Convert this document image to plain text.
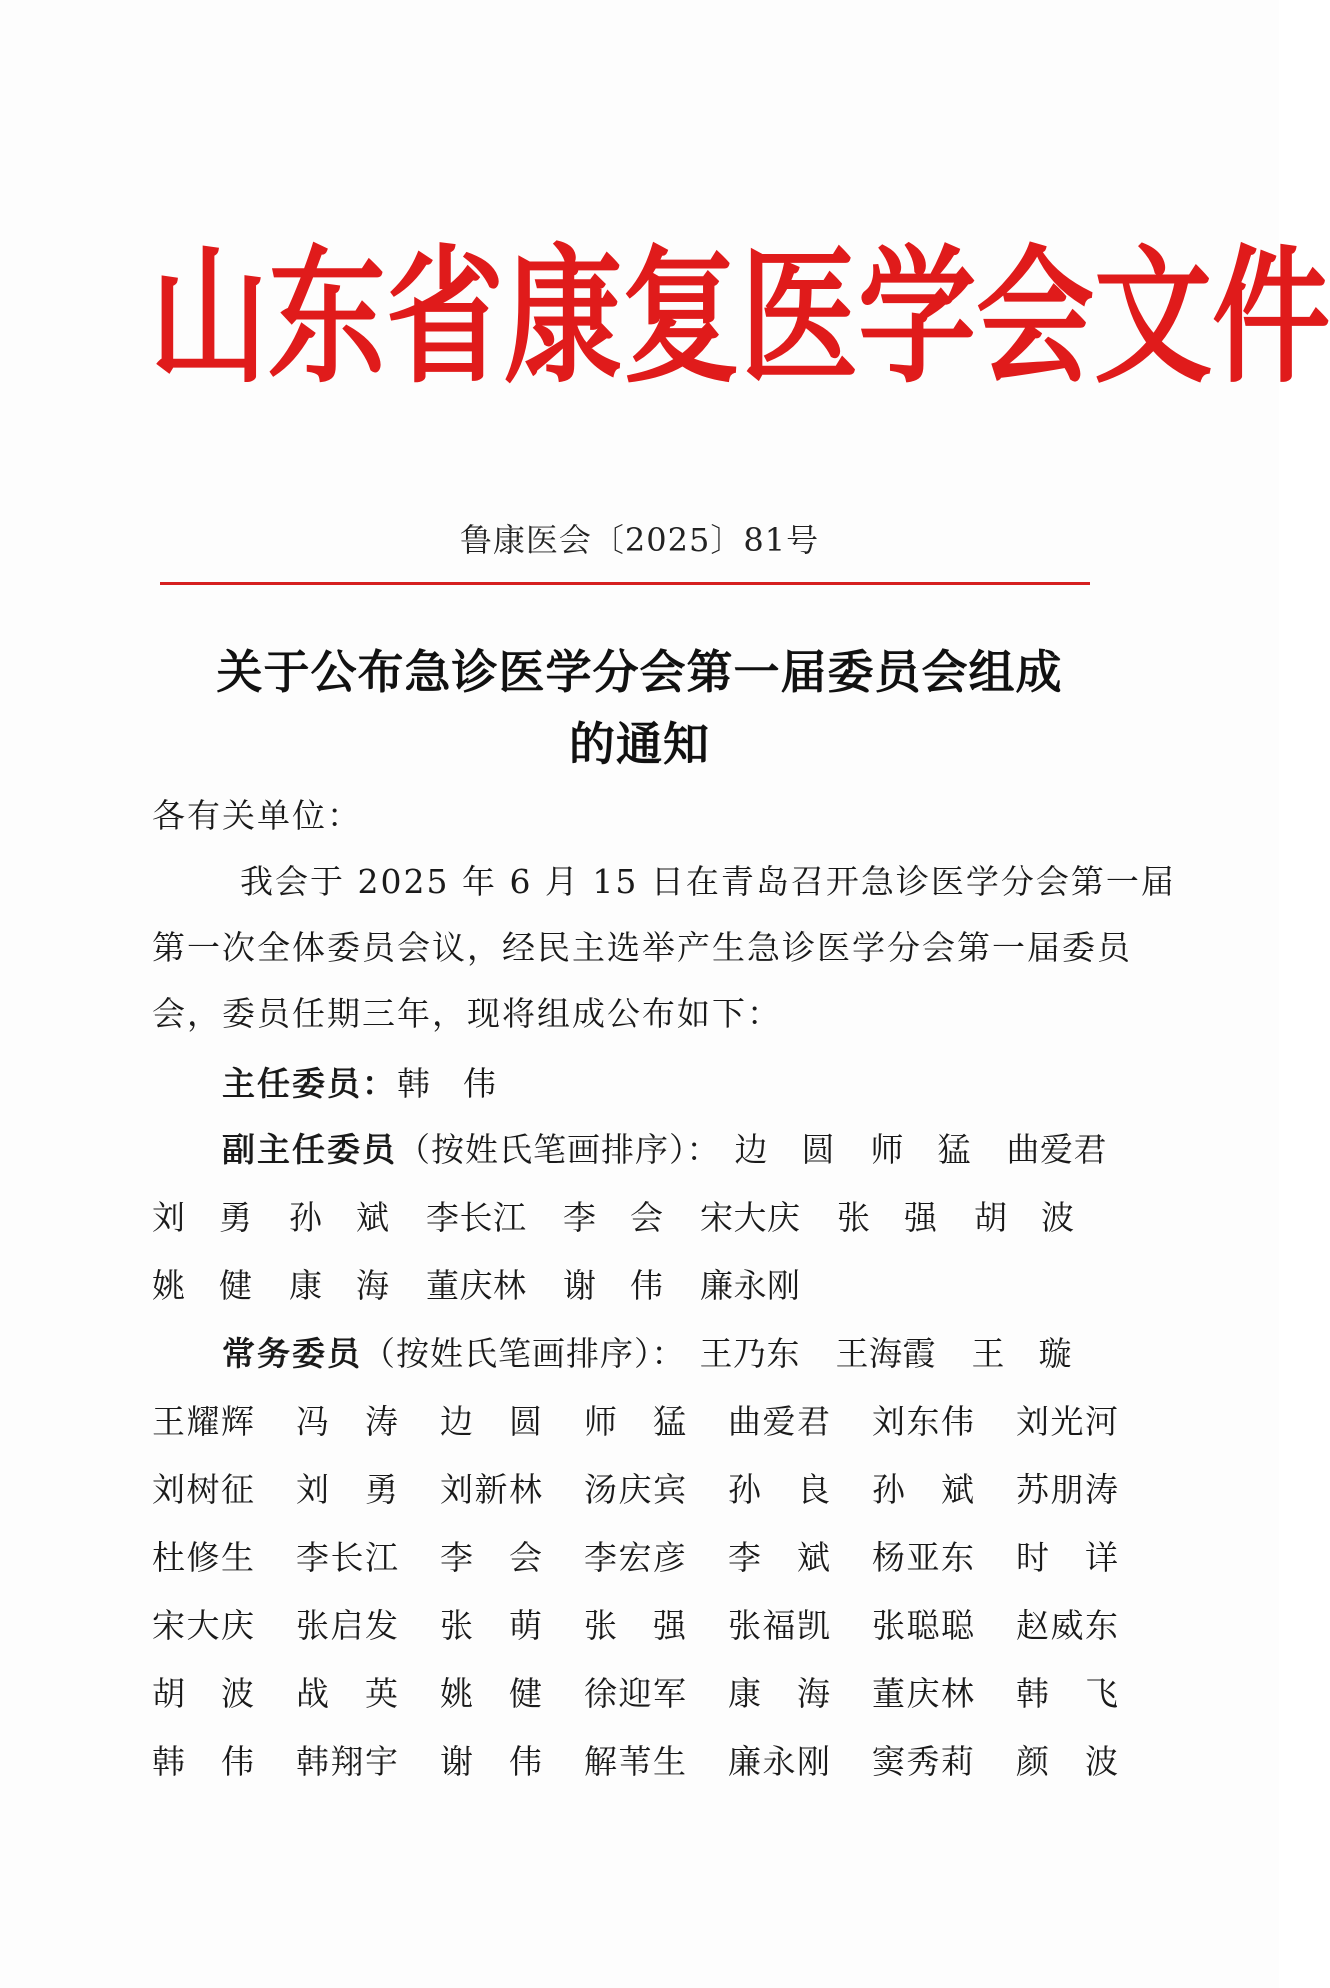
山 东 省 康 复 医 学 会 文 件
鲁康医会〔2025〕81号
关于公布急诊医学分会第一届委员会组成
的通知
各有关单位：
我会于 2025 年 6 月 15 日在青岛召开急诊医学分会第一届
第一次全体委员会议，经民主选举产生急诊医学分会第一届委员
会，委员任期三年，现将组成公布如下：
主任委员：韩　伟
副主任委员（按姓氏笔画排序）： 边　圆 师　猛 曲爱君
刘　勇 孙　斌 李长江 李　会 宋大庆 张　强 胡　波
姚　健 康　海 董庆林 谢　伟 廉永刚
常务委员（按姓氏笔画排序）： 王乃东 王海霞 王　璇
王耀辉 冯　涛 边　圆 师　猛 曲爱君 刘东伟 刘光河
刘树征 刘　勇 刘新林 汤庆宾 孙　良 孙　斌 苏朋涛
杜修生 李长江 李　会 李宏彦 李　斌 杨亚东 时　详
宋大庆 张启发 张　萌 张　强 张福凯 张聪聪 赵威东
胡　波 战　英 姚　健 徐迎军 康　海 董庆林 韩　飞
韩　伟 韩翔宇 谢　伟 解苇生 廉永刚 窦秀莉 颜　波
